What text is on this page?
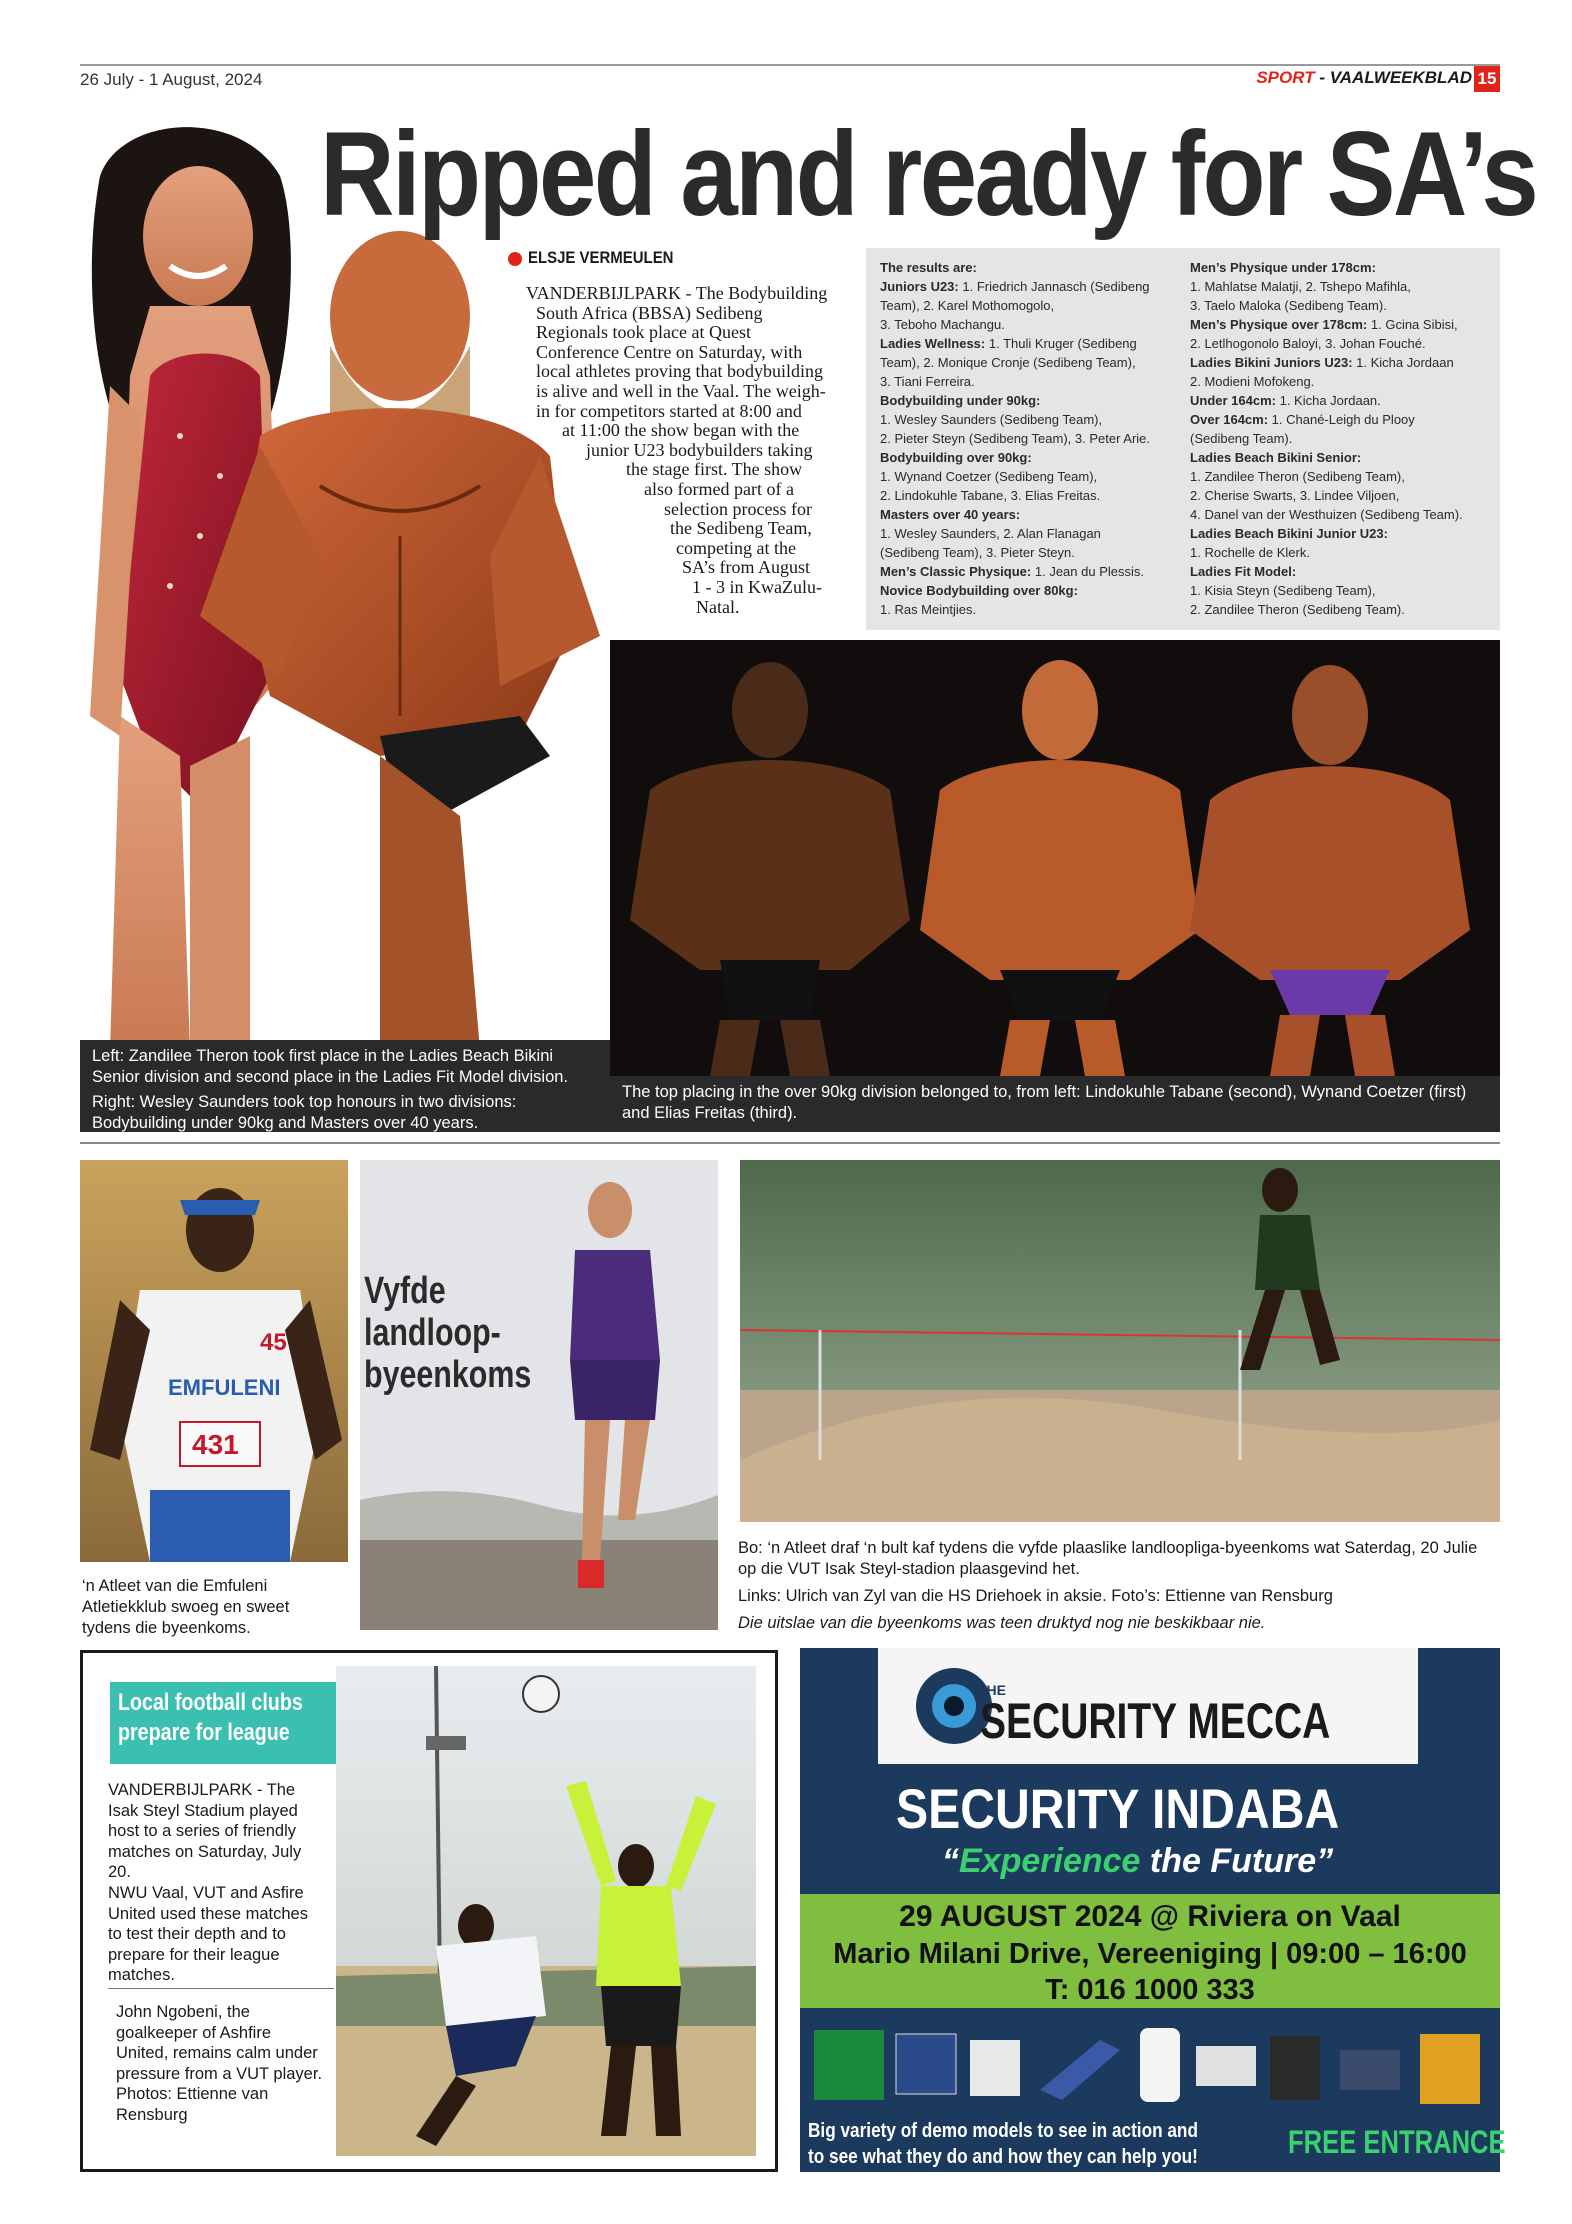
26 July - 1 August, 2024	SPORT - VAALWEEKBLAD 15
Ripped and ready for SA’s
ELSJE VERMEULEN
VANDERBIJLPARK - The Bodybuilding
South Africa (BBSA) Sedibeng
Regionals took place at Quest
Conference Centre on Saturday, with
local athletes proving that bodybuilding
is alive and well in the Vaal. The weigh-
in for competitors started at 8:00 and
at 11:00 the show began with the
junior U23 bodybuilders taking
the stage first. The show
also formed part of a
selection process for
the Sedibeng Team,
competing at the
SA’s from August
1 - 3 in KwaZulu-
Natal.
The results are:
Juniors U23: 1. Friedrich Jannasch (Sedibeng
Team), 2. Karel Mothomogolo,
3. Teboho Machangu.
Ladies Wellness: 1. Thuli Kruger (Sedibeng
Team), 2. Monique Cronje (Sedibeng Team),
3. Tiani Ferreira.
Bodybuilding under 90kg:
1. Wesley Saunders (Sedibeng Team),
2. Pieter Steyn (Sedibeng Team), 3. Peter Arie.
Bodybuilding over 90kg:
1. Wynand Coetzer (Sedibeng Team),
2. Lindokuhle Tabane, 3. Elias Freitas.
Masters over 40 years:
1. Wesley Saunders, 2. Alan Flanagan
(Sedibeng Team), 3. Pieter Steyn.
Men’s Classic Physique: 1. Jean du Plessis.
Novice Bodybuilding over 80kg:
1. Ras Meintjies.
Men’s Physique under 178cm:
1. Mahlatse Malatji, 2. Tshepo Mafihla,
3. Taelo Maloka (Sedibeng Team).
Men’s Physique over 178cm: 1. Gcina Sibisi,
2. Letlhogonolo Baloyi, 3. Johan Fouché.
Ladies Bikini Juniors U23: 1. Kicha Jordaan
2. Modieni Mofokeng.
Under 164cm: 1. Kicha Jordaan.
Over 164cm: 1. Chané-Leigh du Plooy
(Sedibeng Team).
Ladies Beach Bikini Senior:
1. Zandilee Theron (Sedibeng Team),
2. Cherise Swarts, 3. Lindee Viljoen,
4. Danel van der Westhuizen (Sedibeng Team).
Ladies Beach Bikini Junior U23:
1. Rochelle de Klerk.
Ladies Fit Model:
1. Kisia Steyn (Sedibeng Team),
2. Zandilee Theron (Sedibeng Team).

Left: Zandilee Theron took first place in the Ladies Beach Bikini Senior division and second place in the Ladies Fit Model division.

Right: Wesley Saunders took top honours in two divisions: Bodybuilding under 90kg and Masters over 40 years.

The top placing in the over 90kg division belonged to, from left: Lindokuhle Tabane (second), Wynand Coetzer (first) and Elias Freitas (third).
EMFULENI
45
431
Vyfde
landloop-
byeenkoms
‘n Atleet van die Emfuleni Atletiekklub swoeg en sweet tydens die byeenkoms.

Bo: ‘n Atleet draf ‘n bult kaf tydens die vyfde plaaslike landloopliga-byeenkoms wat Saterdag, 20 Julie op die VUT Isak Steyl-stadion plaasgevind het.

Links: Ulrich van Zyl van die HS Driehoek in aksie. Foto’s: Ettienne van Rensburg

Die uitslae van die byeenkoms was teen druktyd nog nie beskikbaar nie.

Local football clubs
prepare for league

VANDERBIJLPARK - The Isak Steyl Stadium played host to a series of friendly matches on Saturday, July 20.

NWU Vaal, VUT and Asfire United used these matches to test their depth and to prepare for their league matches.

John Ngobeni, the goalkeeper of Ashfire United, remains calm under pressure from a VUT player.

Photos: Ettienne van Rensburg

THE
SECURITY MECCA
SECURITY INDABA
“Experience the Future”
29 AUGUST 2024 @ Riviera on Vaal
Mario Milani Drive, Vereeniging | 09:00 – 16:00
T: 016 1000 333
Big variety of demo models to see in action and
to see what they do and how they can help you!	FREE ENTRANCE
